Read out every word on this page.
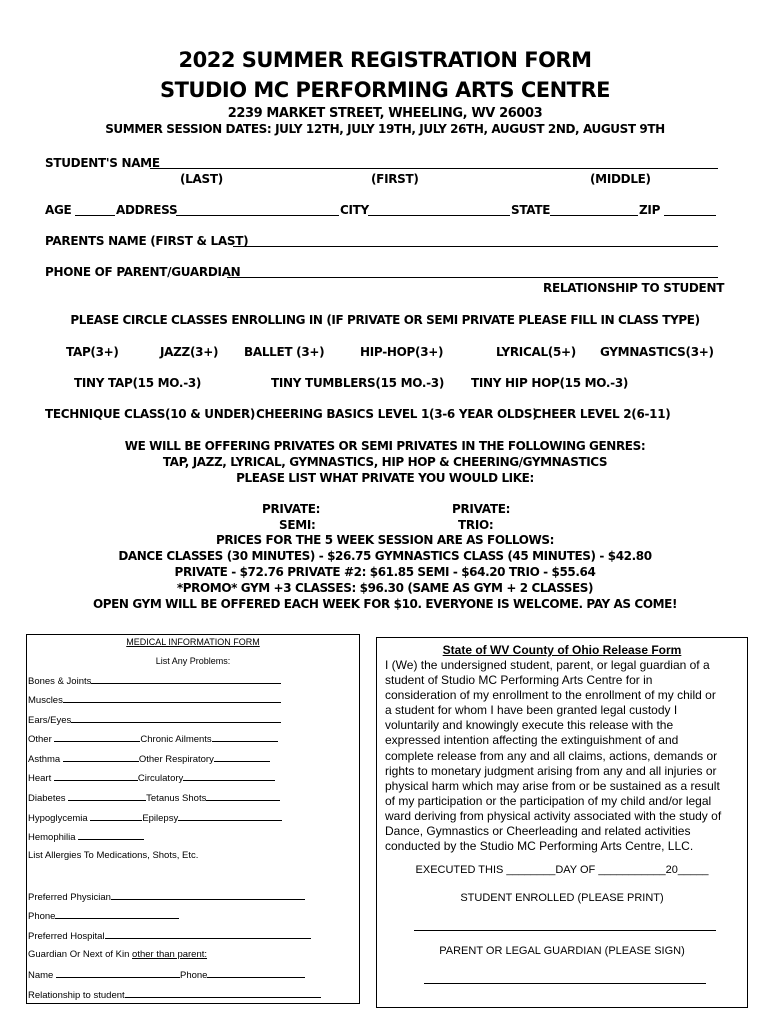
2022 SUMMER REGISTRATION FORM
STUDIO MC PERFORMING ARTS CENTRE
2239 MARKET STREET, WHEELING, WV 26003
SUMMER SESSION DATES: JULY 12TH, JULY 19TH, JULY 26TH, AUGUST 2ND, AUGUST 9TH
STUDENT'S NAME
(LAST)	(FIRST)	(MIDDLE)
AGE	ADDRESS	CITY	STATE	ZIP
PARENTS NAME (FIRST & LAST)
PHONE OF PARENT/GUARDIAN
RELATIONSHIP TO STUDENT
PLEASE CIRCLE CLASSES ENROLLING IN (IF PRIVATE OR SEMI PRIVATE PLEASE FILL IN CLASS TYPE)
TAP(3+)	JAZZ(3+) BALLET (3+)	HIP-HOP(3+)	LYRICAL(5+) GYMNASTICS(3+)
TINY TAP(15 MO.-3)	TINY TUMBLERS(15 MO.-3) TINY HIP HOP(15 MO.-3)
TECHNIQUE CLASS(10 & UNDER) CHEERING BASICS LEVEL 1(3-6 YEAR OLDS)
CHEER LEVEL 2(6-11)
WE WILL BE OFFERING PRIVATES OR SEMI PRIVATES IN THE FOLLOWING GENRES:
TAP, JAZZ, LYRICAL, GYMNASTICS, HIP HOP & CHEERING/GYMNASTICS
PLEASE LIST WHAT PRIVATE YOU WOULD LIKE:
PRIVATE:	PRIVATE:
SEMI:	TRIO:
PRICES FOR THE 5 WEEK SESSION ARE AS FOLLOWS:
DANCE CLASSES (30 MINUTES) - $26.75 GYMNASTICS CLASS (45 MINUTES) - $42.80
PRIVATE - $72.76 PRIVATE #2: $61.85 SEMI - $64.20 TRIO - $55.64
*PROMO* GYM +3 CLASSES: $96.30 (SAME AS GYM + 2 CLASSES)
OPEN GYM WILL BE OFFERED EACH WEEK FOR $10. EVERYONE IS WELCOME. PAY AS COME!
MEDICAL INFORMATION FORM
List Any Problems:
Bones & Joints
Muscles
Ears/Eyes
Other	Chronic Ailments
Asthma	Other Respiratory
Heart	Circulatory
Diabetes	Tetanus Shots
Hypoglycemia	Epilepsy
Hemophilia
List Allergies To Medications, Shots, Etc.
Preferred Physician
Phone
Preferred Hospital
Guardian Or Next of Kin other than parent:
Name	Phone
Relationship to student
State of WV County of Ohio Release Form
I (We) the undersigned student, parent, or legal guardian of a
student of Studio MC Performing Arts Centre for in
consideration of my enrollment to the enrollment of my child or
a student for whom I have been granted legal custody I
voluntarily and knowingly execute this release with the
expressed intention affecting the extinguishment of and
complete release from any and all claims, actions, demands or
rights to monetary judgment arising from any and all injuries or
physical harm which may arise from or be sustained as a result
of my participation or the participation of my child and/or legal
ward deriving from physical activity associated with the study of
Dance, Gymnastics or Cheerleading and related activities
conducted by the Studio MC Performing Arts Centre, LLC.
EXECUTED THIS ________DAY OF ___________20_____
STUDENT ENROLLED (PLEASE PRINT)
PARENT OR LEGAL GUARDIAN (PLEASE SIGN)
